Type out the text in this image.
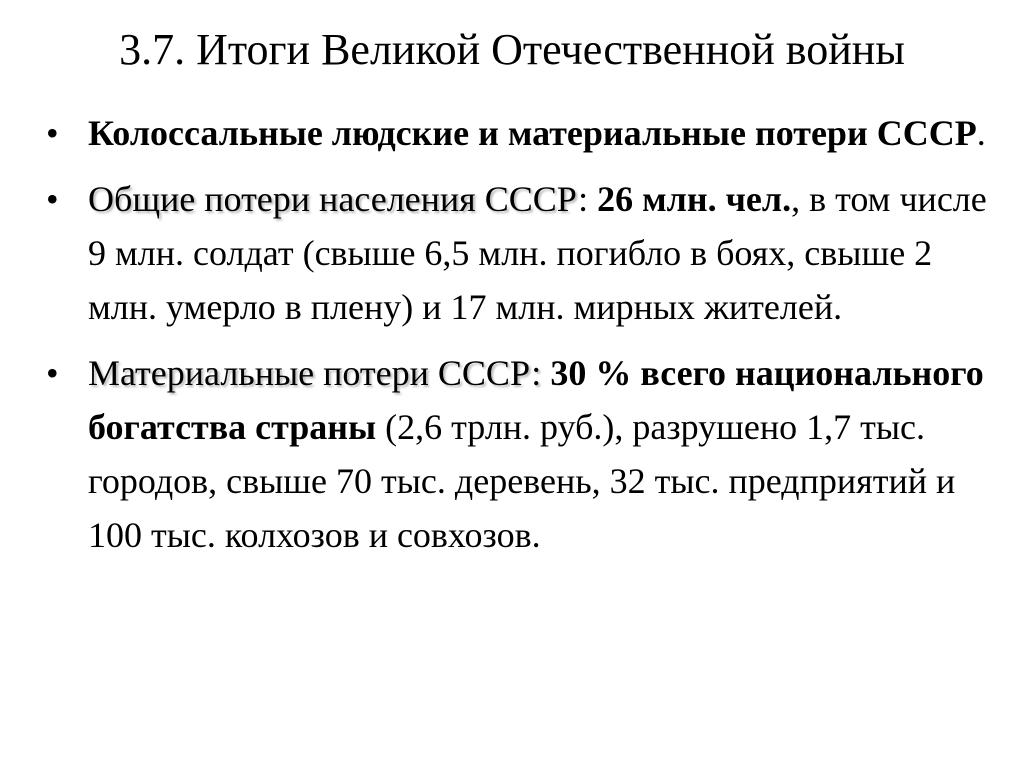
3.7. Итоги Великой Отечественной войны
• Колоссальные людские и материальные потери СССР.
• Общие потери населения СССР: 26 млн. чел., в том числе 9 млн. солдат (свыше 6,5 млн. погибло в боях, свыше 2 млн. умерло в плену) и 17 млн. мирных жителей.
• Материальные потери СССР: 30 % всего национального богатства страны (2,6 трлн. руб.), разрушено 1,7 тыс. городов, свыше 70 тыс. деревень, 32 тыс. предприятий и 100 тыс. колхозов и совхозов.
